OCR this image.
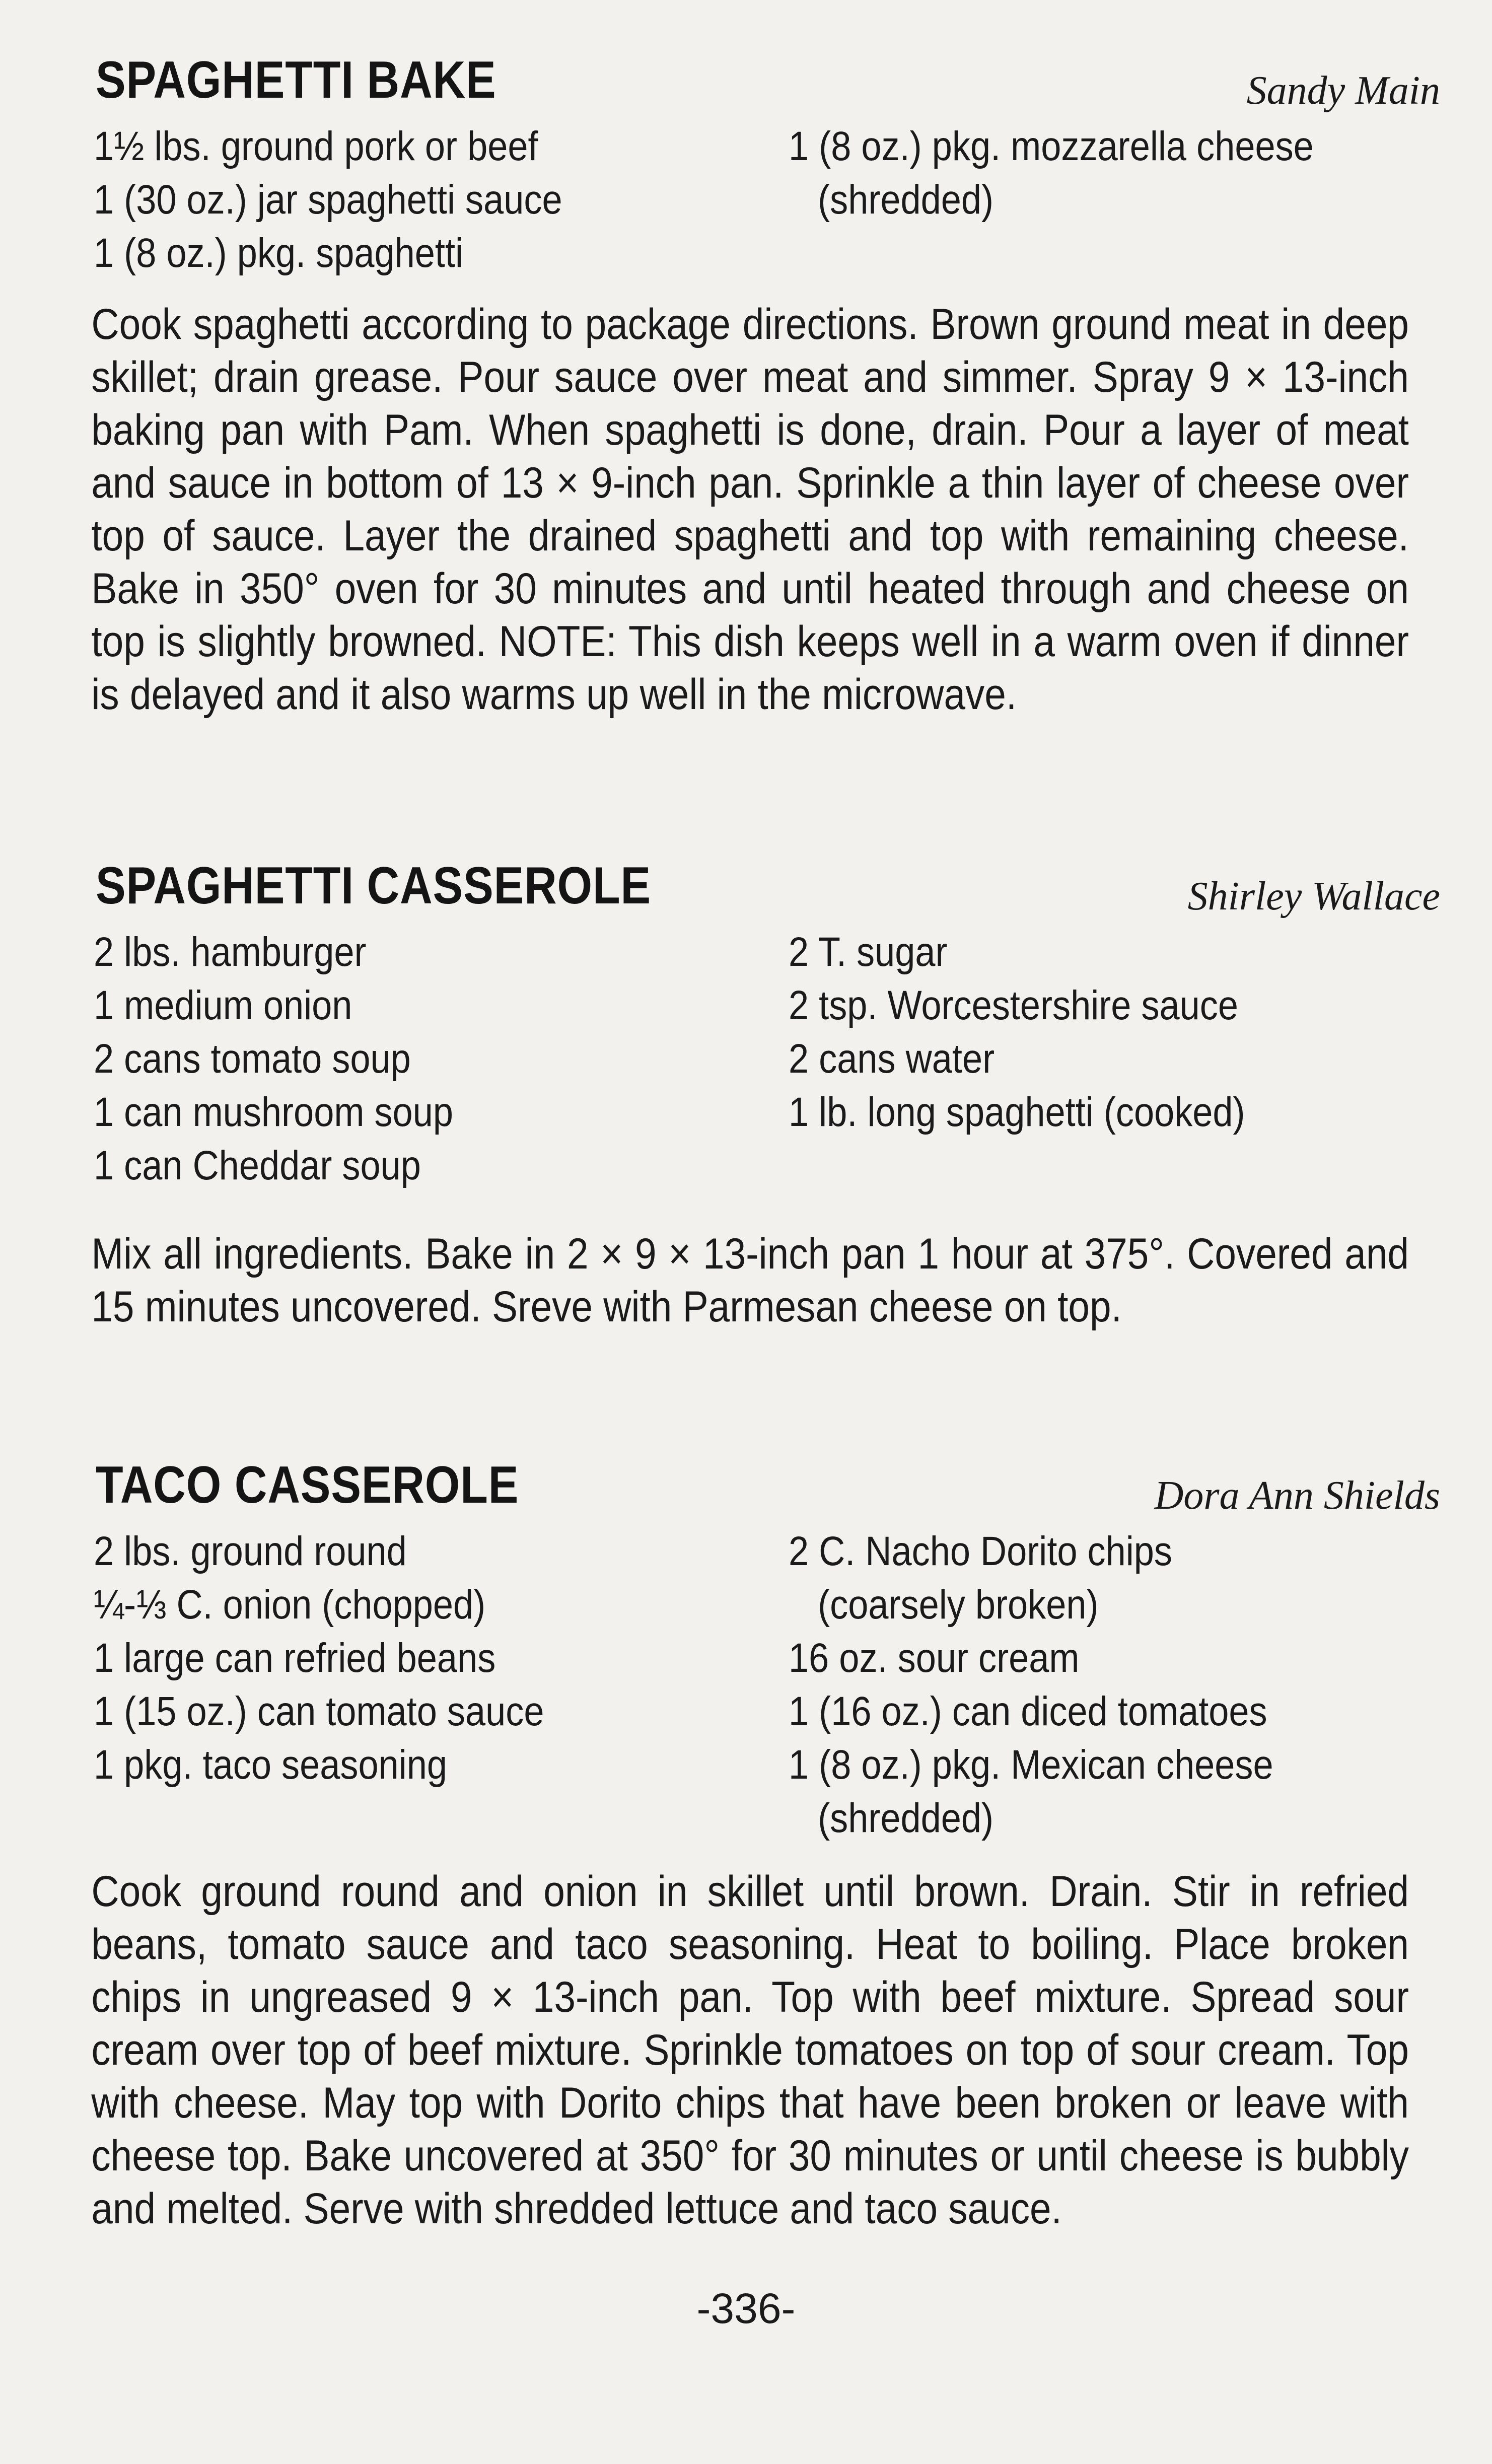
SPAGHETTI BAKE	Sandy Main
1½ lbs. ground pork or beef
1 (30 oz.) jar spaghetti sauce
1 (8 oz.) pkg. spaghetti
1 (8 oz.) pkg. mozzarella cheese
(shredded)
Cook spaghetti according to package directions. Brown ground meat in deep skillet; drain grease. Pour sauce over meat and simmer. Spray 9 × 13-inch baking pan with Pam. When spaghetti is done, drain. Pour a layer of meat and sauce in bottom of 13 × 9-inch pan. Sprinkle a thin layer of cheese over top of sauce. Layer the drained spaghetti and top with remaining cheese. Bake in 350° oven for 30 minutes and until heated through and cheese on top is slightly browned. NOTE: This dish keeps well in a warm oven if dinner is delayed and it also warms up well in the microwave.
SPAGHETTI CASSEROLE	Shirley Wallace
2 lbs. hamburger
1 medium onion
2 cans tomato soup
1 can mushroom soup
1 can Cheddar soup
2 T. sugar
2 tsp. Worcestershire sauce
2 cans water
1 lb. long spaghetti (cooked)
Mix all ingredients. Bake in 2 × 9 × 13-inch pan 1 hour at 375°. Covered and 15 minutes uncovered. Sreve with Parmesan cheese on top.
TACO CASSEROLE	Dora Ann Shields
2 lbs. ground round
¼-⅓ C. onion (chopped)
1 large can refried beans
1 (15 oz.) can tomato sauce
1 pkg. taco seasoning
2 C. Nacho Dorito chips
(coarsely broken)
16 oz. sour cream
1 (16 oz.) can diced tomatoes
1 (8 oz.) pkg. Mexican cheese
(shredded)
Cook ground round and onion in skillet until brown. Drain. Stir in refried beans, tomato sauce and taco seasoning. Heat to boiling. Place broken chips in ungreased 9 × 13-inch pan. Top with beef mixture. Spread sour cream over top of beef mixture. Sprinkle tomatoes on top of sour cream. Top with cheese. May top with Dorito chips that have been broken or leave with cheese top. Bake uncovered at 350° for 30 minutes or until cheese is bubbly and melted. Serve with shredded lettuce and taco sauce.
-336-
